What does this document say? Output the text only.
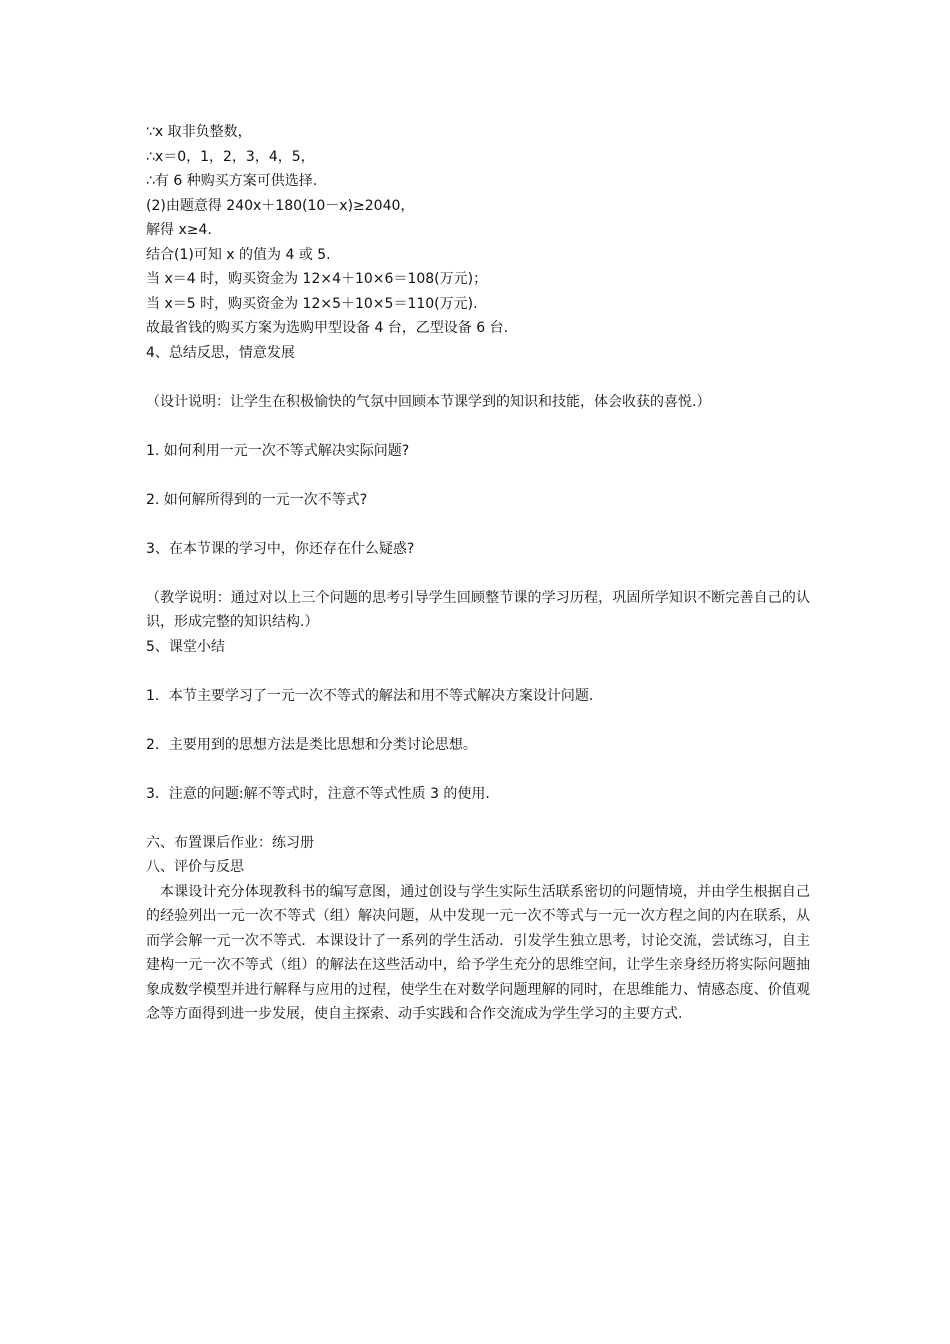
∵x 取非负整数，
∴x＝0，1，2，3，4，5，
∴有 6 种购买方案可供选择.
(2)由题意得 240x＋180(10－x)≥2040，
解得 x≥4.
结合(1)可知 x 的值为 4 或 5.
当 x＝4 时，购买资金为 12×4＋10×6＝108(万元)；
当 x＝5 时，购买资金为 12×5＋10×5＝110(万元).
故最省钱的购买方案为选购甲型设备 4 台，乙型设备 6 台.
4、总结反思，情意发展
（设计说明：让学生在积极愉快的气氛中回顾本节课学到的知识和技能，体会收获的喜悦.）
1. 如何利用一元一次不等式解决实际问题?
2. 如何解所得到的一元一次不等式?
3、在本节课的学习中，你还存在什么疑惑?
（教学说明：通过对以上三个问题的思考引导学生回顾整节课的学习历程，巩固所学知识不断完善自己的认识，形成完整的知识结构.）
5、课堂小结
1．本节主要学习了一元一次不等式的解法和用不等式解决方案设计问题.
2．主要用到的思想方法是类比思想和分类讨论思想。
3．注意的问题:解不等式时，注意不等式性质 3 的使用.
六、布置课后作业：练习册
八、评价与反思
本课设计充分体现教科书的编写意图，通过创设与学生实际生活联系密切的问题情境，并由学生根据自己的经验列出一元一次不等式（组）解决问题，从中发现一元一次不等式与一元一次方程之间的内在联系，从而学会解一元一次不等式．本课设计了一系列的学生活动．引发学生独立思考，讨论交流，尝试练习，自主建构一元一次不等式（组）的解法在这些活动中，给予学生充分的思维空间，让学生亲身经历将实际问题抽象成数学模型并进行解释与应用的过程，使学生在对数学问题理解的同时，在思维能力、情感态度、价值观念等方面得到进一步发展，使自主探索、动手实践和合作交流成为学生学习的主要方式.
